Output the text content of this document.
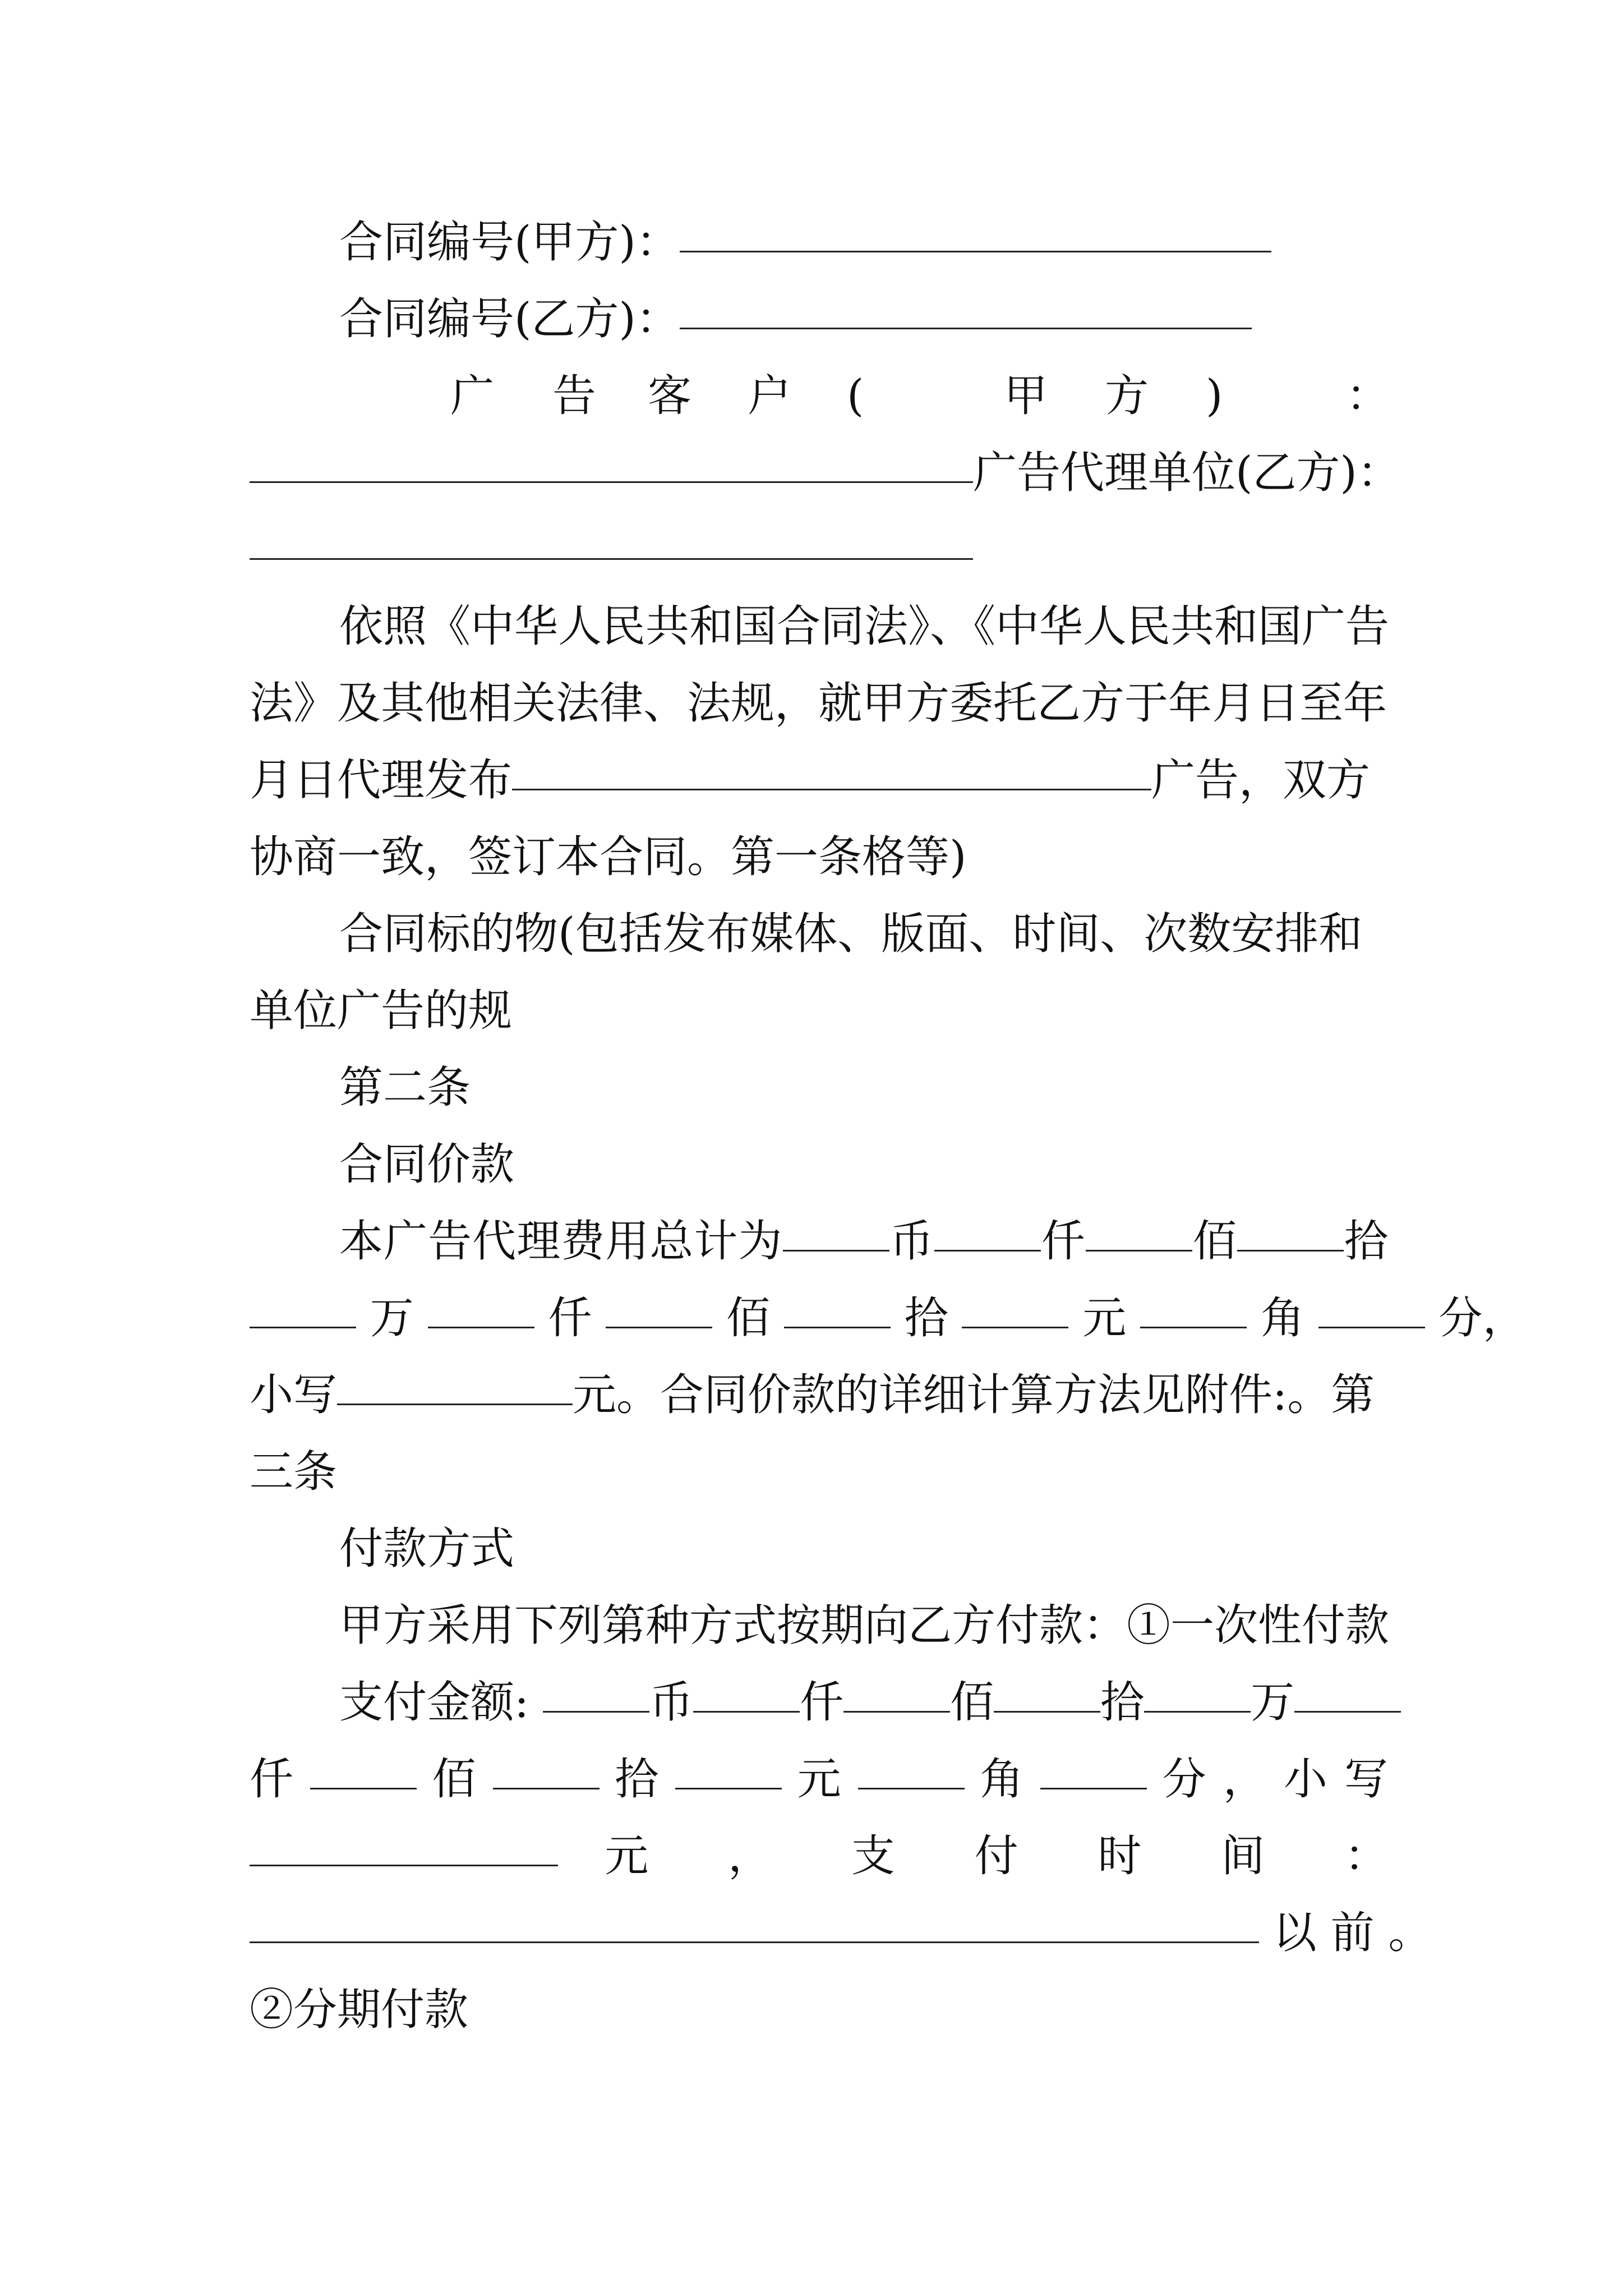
合同编号(甲方)：
合同编号(乙方)：
广 告 客 户 (	甲 方 )	：
广告代理单位(乙方)：
依照《中华人民共和国合同法》、《中华人民共和国广告
法》及其他相关法律、法规，就甲方委托乙方于年月日至年
月日代理发布	广告，双方
协商一致，签订本合同。第一条格等)
合同标的物(包括发布媒体、版面、时间、次数安排和
单位广告的规
第二条
合同价款
本广告代理费用总计为 币 仟 佰 拾
万	仟	佰	拾	元	角	分，
小写	元。合同价款的详细计算方法见附件:。第
三条
付款方式
甲方采用下列第种方式按期向乙方付款：①一次性付款
支付金额:	币 仟 佰 拾 万
仟	佰	拾	元	角	分 ， 小 写
元 ， 支 付 时 间 ：
以 前 。
②分期付款
